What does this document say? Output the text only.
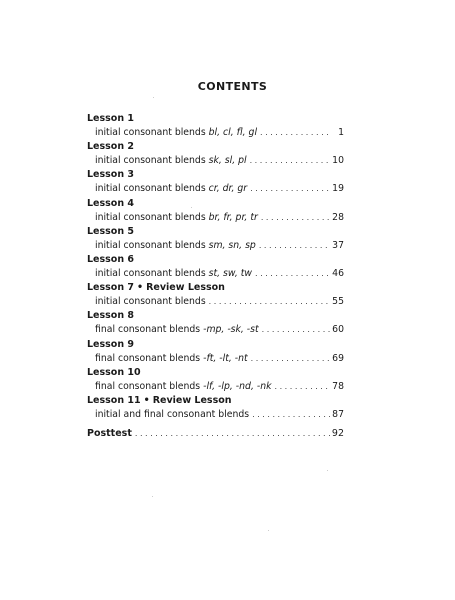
CONTENTS
Lesson 1
initial consonant blends bl, cl, fl, gl . . .	1
Lesson 2
initial consonant blends sk, sl, pl . . .	10
Lesson 3
initial consonant blends cr, dr, gr . . .	19
Lesson 4
initial consonant blends br, fr, pr, tr . . .	28
Lesson 5
initial consonant blends sm, sn, sp . . .	37
Lesson 6
initial consonant blends st, sw, tw . . .	46
Lesson 7 • Review Lesson
initial consonant blends . . .	55
Lesson 8
final consonant blends -mp, -sk, -st . . .	60
Lesson 9
final consonant blends -ft, -lt, -nt . . .	69
Lesson 10
final consonant blends -lf, -lp, -nd, -nk . . .	78
Lesson 11 • Review Lesson
initial and final consonant blends . . .	87
Posttest . . .	92
